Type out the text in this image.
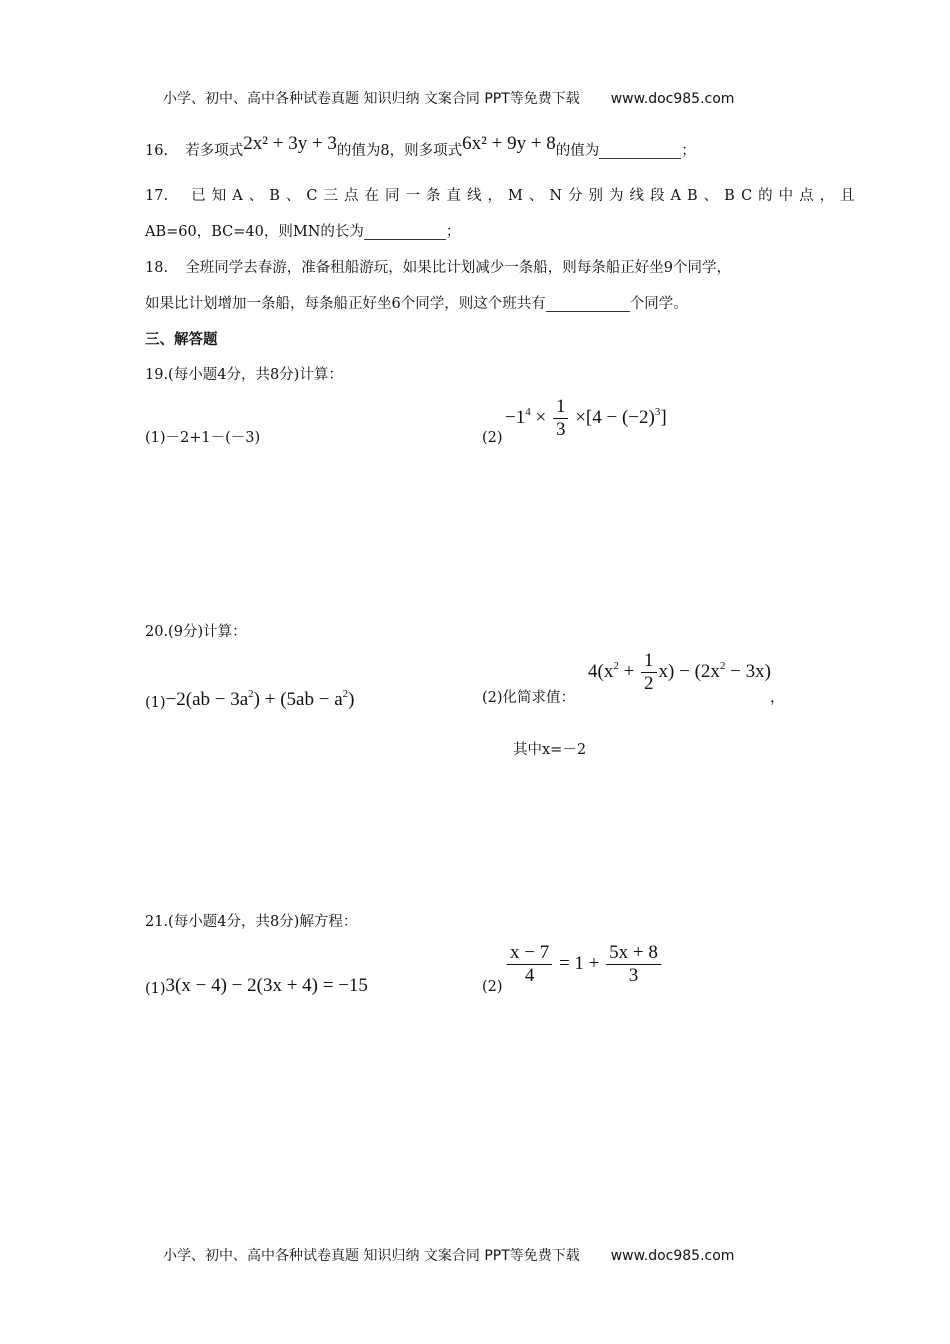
小学、初中、高中各种试卷真题 知识归纳 文案合同 PPT等免费下载 www.doc985.com
16. 若多项式2x² + 3y + 3的值为8，则多项式6x² + 9y + 8的值为	；
17. 已知A、B、C三点在同一条直线，M、N分别为线段AB、BC的中点，且
AB=60，BC=40，则MN的长为	；
18. 全班同学去春游，准备租船游玩，如果比计划减少一条船，则每条船正好坐9个同学，
如果比计划增加一条船，每条船正好坐6个同学，则这个班共有	个同学。
三、解答题
19.(每小题4分，共8分)计算：
(1)－2+1－(－3)	(2)
$-1^4 \times \frac{1}{3} \times[4 - (-2)^3]$
20.(9分)计算：
$(1)-2(ab - 3a^2) + (5ab - a^2)$	(2)化简求值：
$4(x^2 + \frac{1}{2} x) - (2x^2 - 3x)$
，
其中x=－2
21.(每小题4分，共8分)解方程：
(1)3(x − 4) − 2(3x + 4) = −15	$(2) \frac{x - 7}{4} = 1 + \frac{5x + 8}{3}$
小学、初中、高中各种试卷真题 知识归纳 文案合同 PPT等免费下载 www.doc985.com
